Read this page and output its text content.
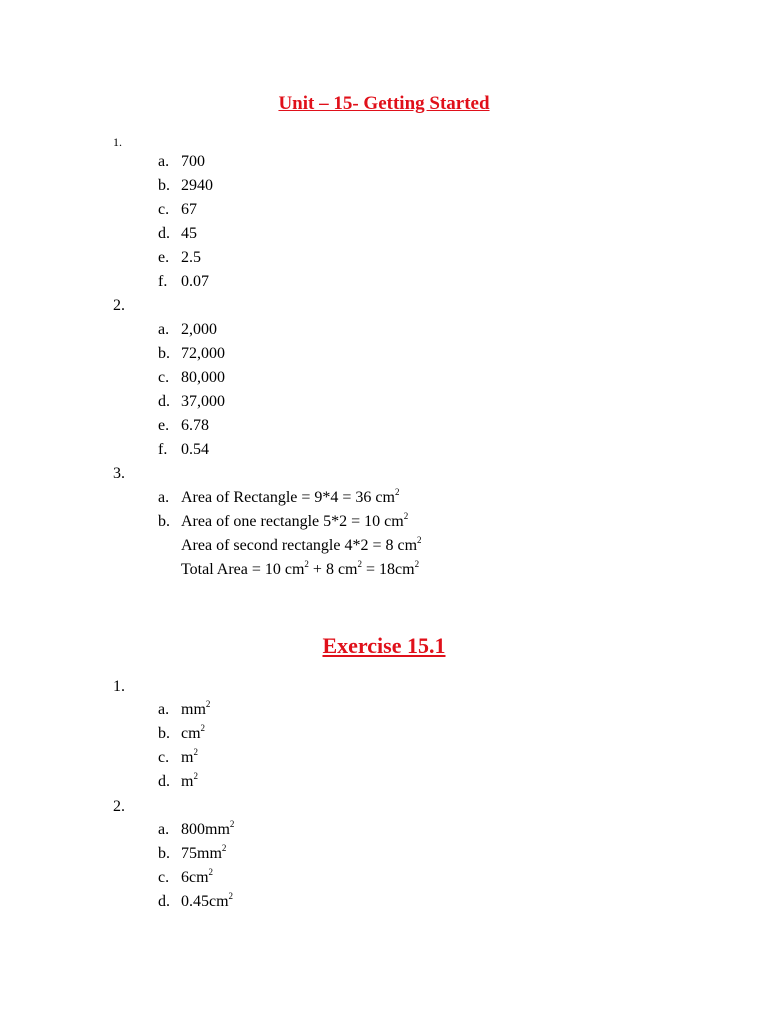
Unit – 15- Getting Started
1.
a. 700
b. 2940
c. 67
d. 45
e. 2.5
f. 0.07
2.
a. 2,000
b. 72,000
c. 80,000
d. 37,000
e. 6.78
f. 0.54
3.
a. Area of Rectangle = 9*4 = 36 $cm^2$
b. Area of one rectangle 5*2 = 10 $cm^2$
Area of second rectangle 4*2 = 8 $cm^2$
Total Area = 10 $cm^2 + 8$ $cm^2 = 18cm^2$
Exercise 15.1
1.
a. $mm^2$
b. $cm^2$
c. $m^2$
d. $m^2$
2.
a. $800mm^2$
b. $75mm^2$
c. $6cm^2$
d. $0.45cm^2$
